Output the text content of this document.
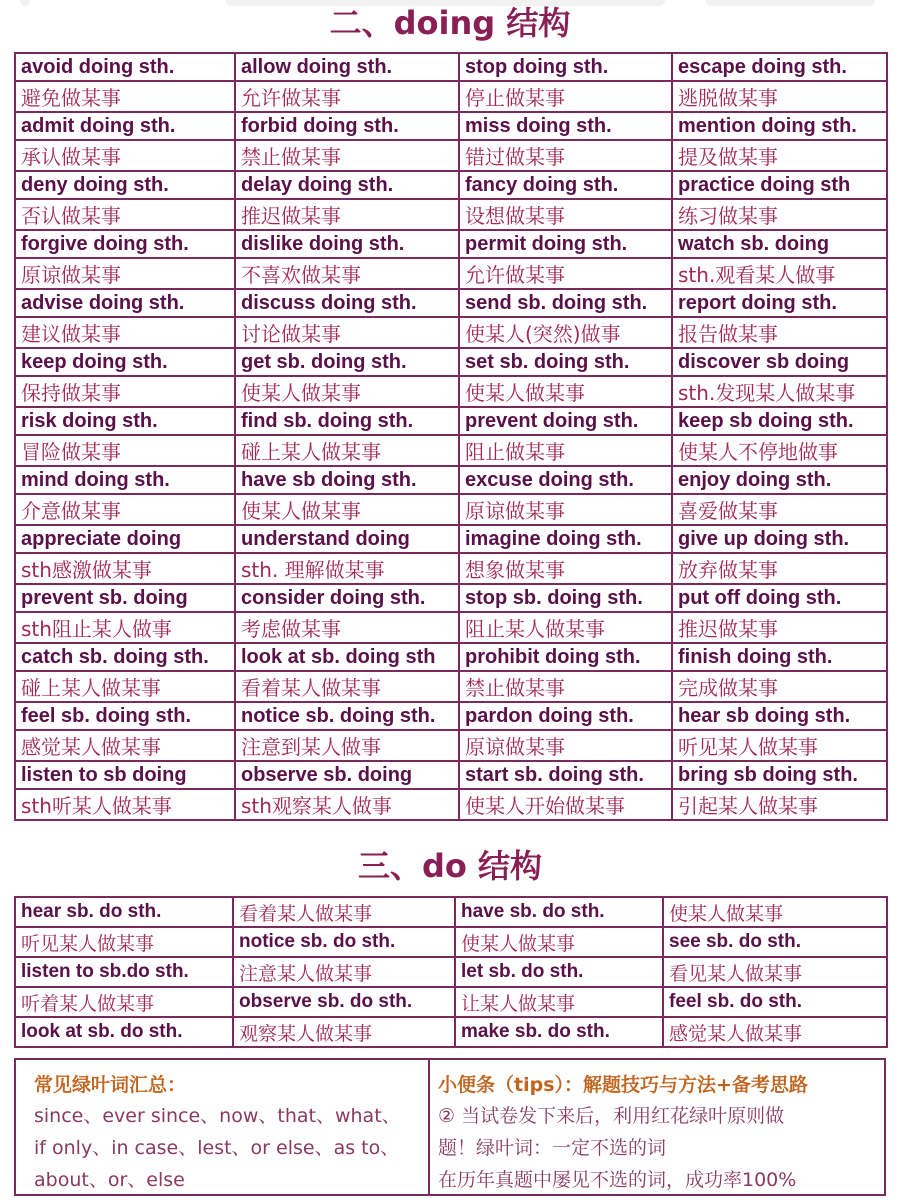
二、doing 结构
avoid doing sth.	allow doing sth.	stop doing sth.	escape doing sth.
避免做某事	允许做某事	停止做某事	逃脱做某事
admit doing sth.	forbid doing sth.	miss doing sth.	mention doing sth.
承认做某事	禁止做某事	错过做某事	提及做某事
deny doing sth.	delay doing sth.	fancy doing sth.	practice doing sth
否认做某事	推迟做某事	设想做某事	练习做某事
forgive doing sth.	dislike doing sth.	permit doing sth.	watch sb. doing
原谅做某事	不喜欢做某事	允许做某事	sth.观看某人做事
advise doing sth.	discuss doing sth.	send sb. doing sth.	report doing sth.
建议做某事	讨论做某事	使某人(突然)做事	报告做某事
keep doing sth.	get sb. doing sth.	set sb. doing sth.	discover sb doing
保持做某事	使某人做某事	使某人做某事	sth.发现某人做某事
risk doing sth.	find sb. doing sth.	prevent doing sth.	keep sb doing sth.
冒险做某事	碰上某人做某事	阻止做某事	使某人不停地做事
mind doing sth.	have sb doing sth.	excuse doing sth.	enjoy doing sth.
介意做某事	使某人做某事	原谅做某事	喜爱做某事
appreciate doing	understand doing	imagine doing sth.	give up doing sth.
sth感激做某事	sth. 理解做某事	想象做某事	放弃做某事
prevent sb. doing	consider doing sth.	stop sb. doing sth.	put off doing sth.
sth阻止某人做事	考虑做某事	阻止某人做某事	推迟做某事
catch sb. doing sth.	look at sb. doing sth	prohibit doing sth.	finish doing sth.
碰上某人做某事	看着某人做某事	禁止做某事	完成做某事
feel sb. doing sth.	notice sb. doing sth.	pardon doing sth.	hear sb doing sth.
感觉某人做某事	注意到某人做事	原谅做某事	听见某人做某事
listen to sb doing	observe sb. doing	start sb. doing sth.	bring sb doing sth.
sth听某人做某事	sth观察某人做事	使某人开始做某事	引起某人做某事
三、do 结构
hear sb. do sth.	看着某人做某事	have sb. do sth.	使某人做某事
听见某人做某事	notice sb. do sth.	使某人做某事	see sb. do sth.
listen to sb.do sth.	注意某人做某事	let sb. do sth.	看见某人做某事
听着某人做某事	observe sb. do sth.	让某人做某事	feel sb. do sth.
look at sb. do sth.	观察某人做某事	make sb. do sth.	感觉某人做某事
常见绿叶词汇总：
since、ever since、now、that、what、
if only、in case、lest、or else、as to、
about、or、else
小便条（tips）：解题技巧与方法+备考思路
② 当试卷发下来后，利用红花绿叶原则做
题！绿叶词：一定不选的词
在历年真题中屡见不选的词，成功率100%
